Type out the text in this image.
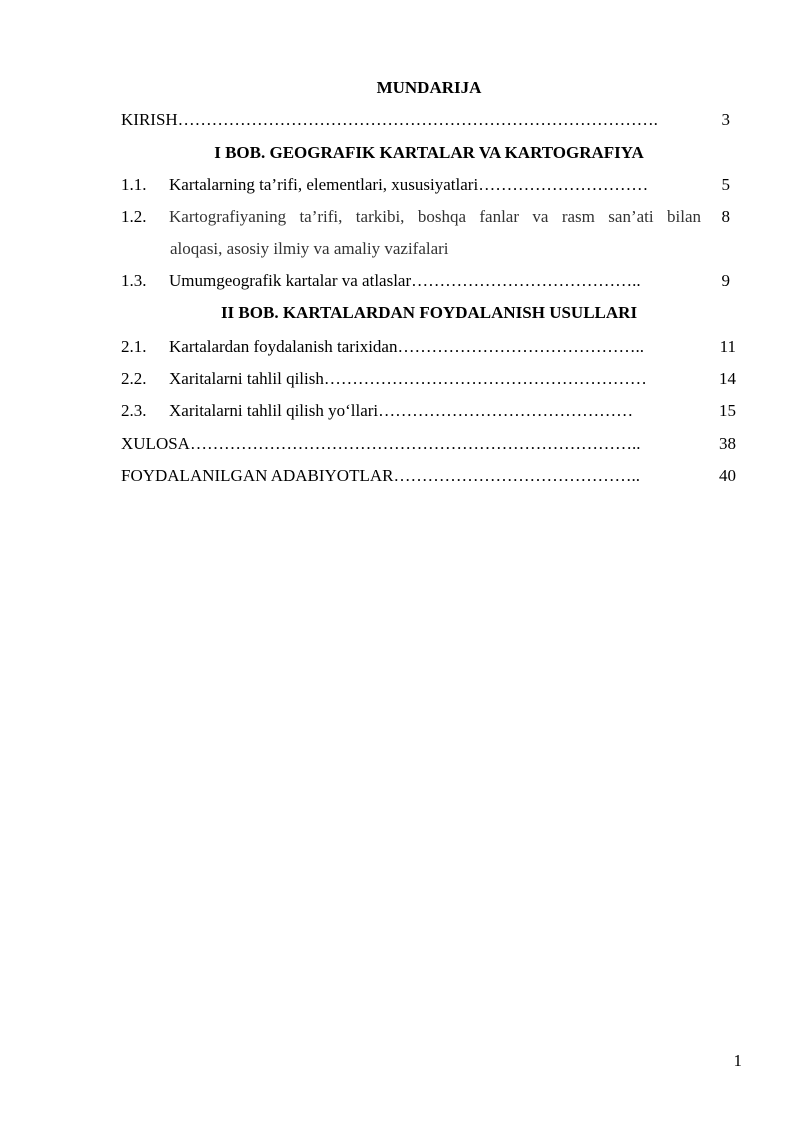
MUNDARIJA
KIRISH………………………………………………………………………….	3
I BOB. GEOGRAFIK KARTALAR VA KARTOGRAFIYA
1.1. Kartalarning ta’rifi, elementlari, xususiyatlari…………………………	5
1.2. Kartografiyaning ta’rifi, tarkibi, boshqa fanlar va rasm san’ati bilan	8
aloqasi, asosiy ilmiy va amaliy vazifalari
1.3. Umumgeografik kartalar va atlaslar…………………………………..	9
II BOB. KARTALARDAN FOYDALANISH USULLARI
2.1. Kartalardan foydalanish tarixidan……………………………………..	11
2.2. Xaritalarni tahlil qilish…………………………………………………	14
2.3. Xaritalarni tahlil qilish yo‘llari………………………………………	15
XULOSA……………………………………………………………………..	38
FOYDALANILGAN ADABIYOTLAR……………………………………..	40
1
